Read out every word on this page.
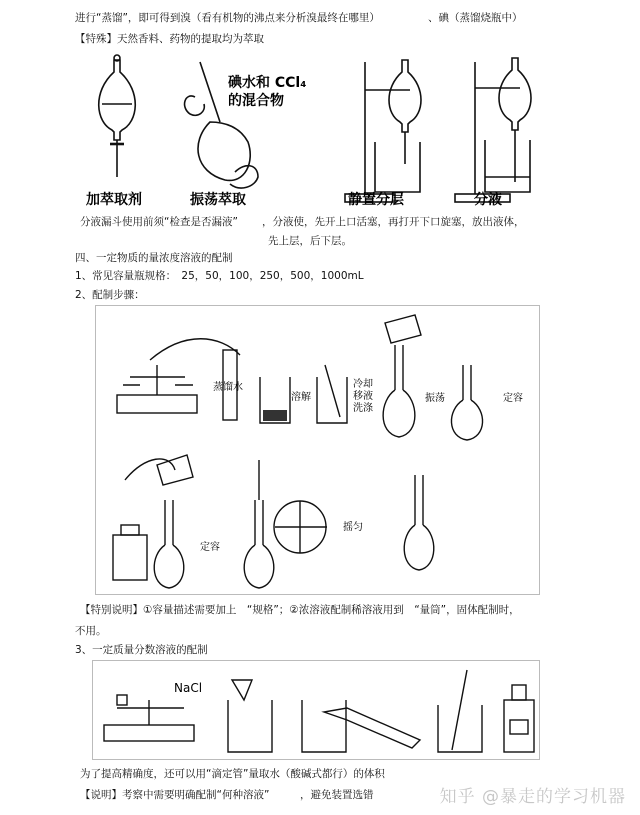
进行“蒸馏”，即可得到溴（看有机物的沸点来分析溴最终在哪里）	、碘（蒸馏烧瓶中）
【特殊】天然香料、药物的提取均为萃取
碘水和 CCl₄
的混合物
加萃取剂	振荡萃取	静置分层	分液
分液漏斗使用前须“检查是否漏液” ，分液使，先开上口活塞，再打开下口旋塞，放出液体，
先上层，后下层。
四、一定物质的量浓度溶液的配制
1、常见容量瓶规格：　25，50，100，250，500，1000mL
2、配制步骤：
蒸馏水
溶解
冷却
移液
洗涤
振荡	定容
定容
摇匀
【特别说明】①容量描述需要加上　“规格”；②浓溶液配制稀溶液用到　“量筒”，固体配制时，
不用。
3、一定质量分数溶液的配制
NaCl
为了提高精确度，还可以用“滴定管”量取水（酸碱式都行）的体积
【说明】考察中需要明确配制“何种溶液”	，避免装置选错	知乎 @暴走的学习机器
